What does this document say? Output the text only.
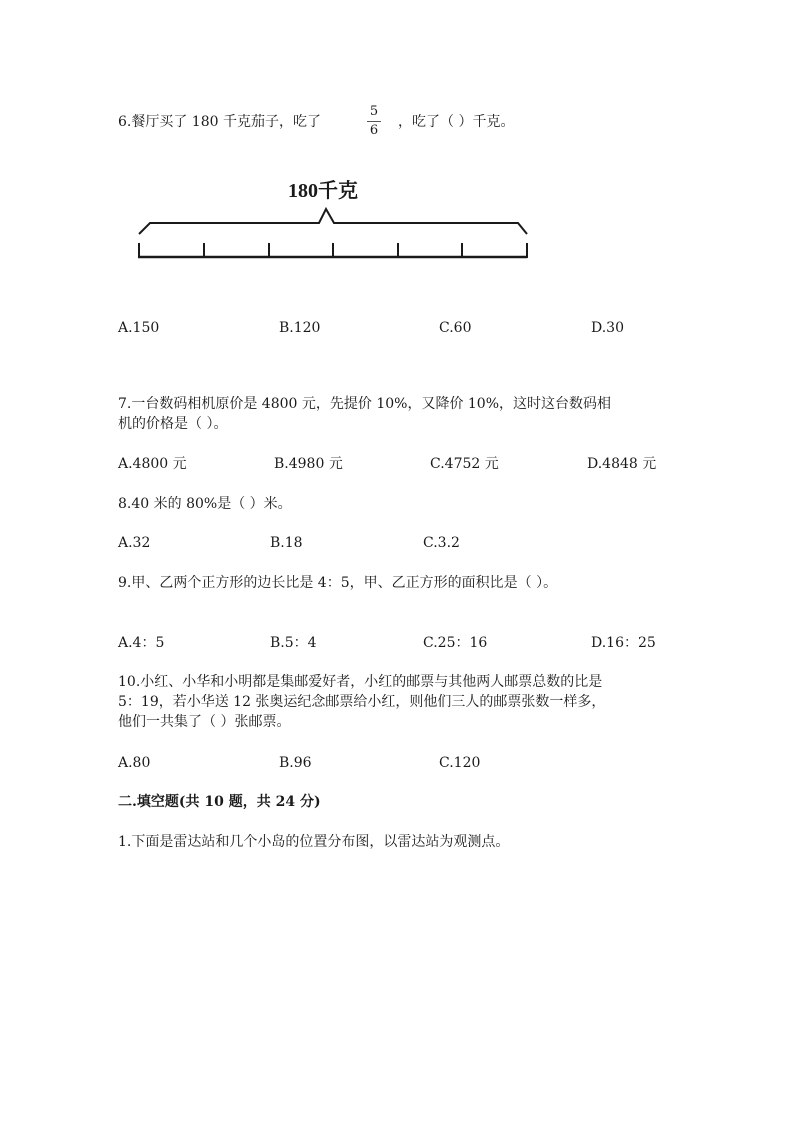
6.餐厅买了 180 千克茄子，吃了
5
6
，吃了（ ）千克。
180千克
A.150	B.120	C.60	D.30
7.一台数码相机原价是 4800 元，先提价 10%，又降价 10%，这时这台数码相
机的价格是（ ）。
A.4800 元	B.4980 元	C.4752 元	D.4848 元
8.40 米的 80%是（ ）米。
A.32	B.18	C.3.2
9.甲、乙两个正方形的边长比是 4：5，甲、乙正方形的面积比是（ ）。
A.4：5	B.5：4	C.25：16	D.16：25
10.小红、小华和小明都是集邮爱好者，小红的邮票与其他两人邮票总数的比是
5：19，若小华送 12 张奥运纪念邮票给小红，则他们三人的邮票张数一样多，
他们一共集了（ ）张邮票。
A.80	B.96	C.120
二.填空题(共 10 题，共 24 分)
1.下面是雷达站和几个小岛的位置分布图，以雷达站为观测点。
